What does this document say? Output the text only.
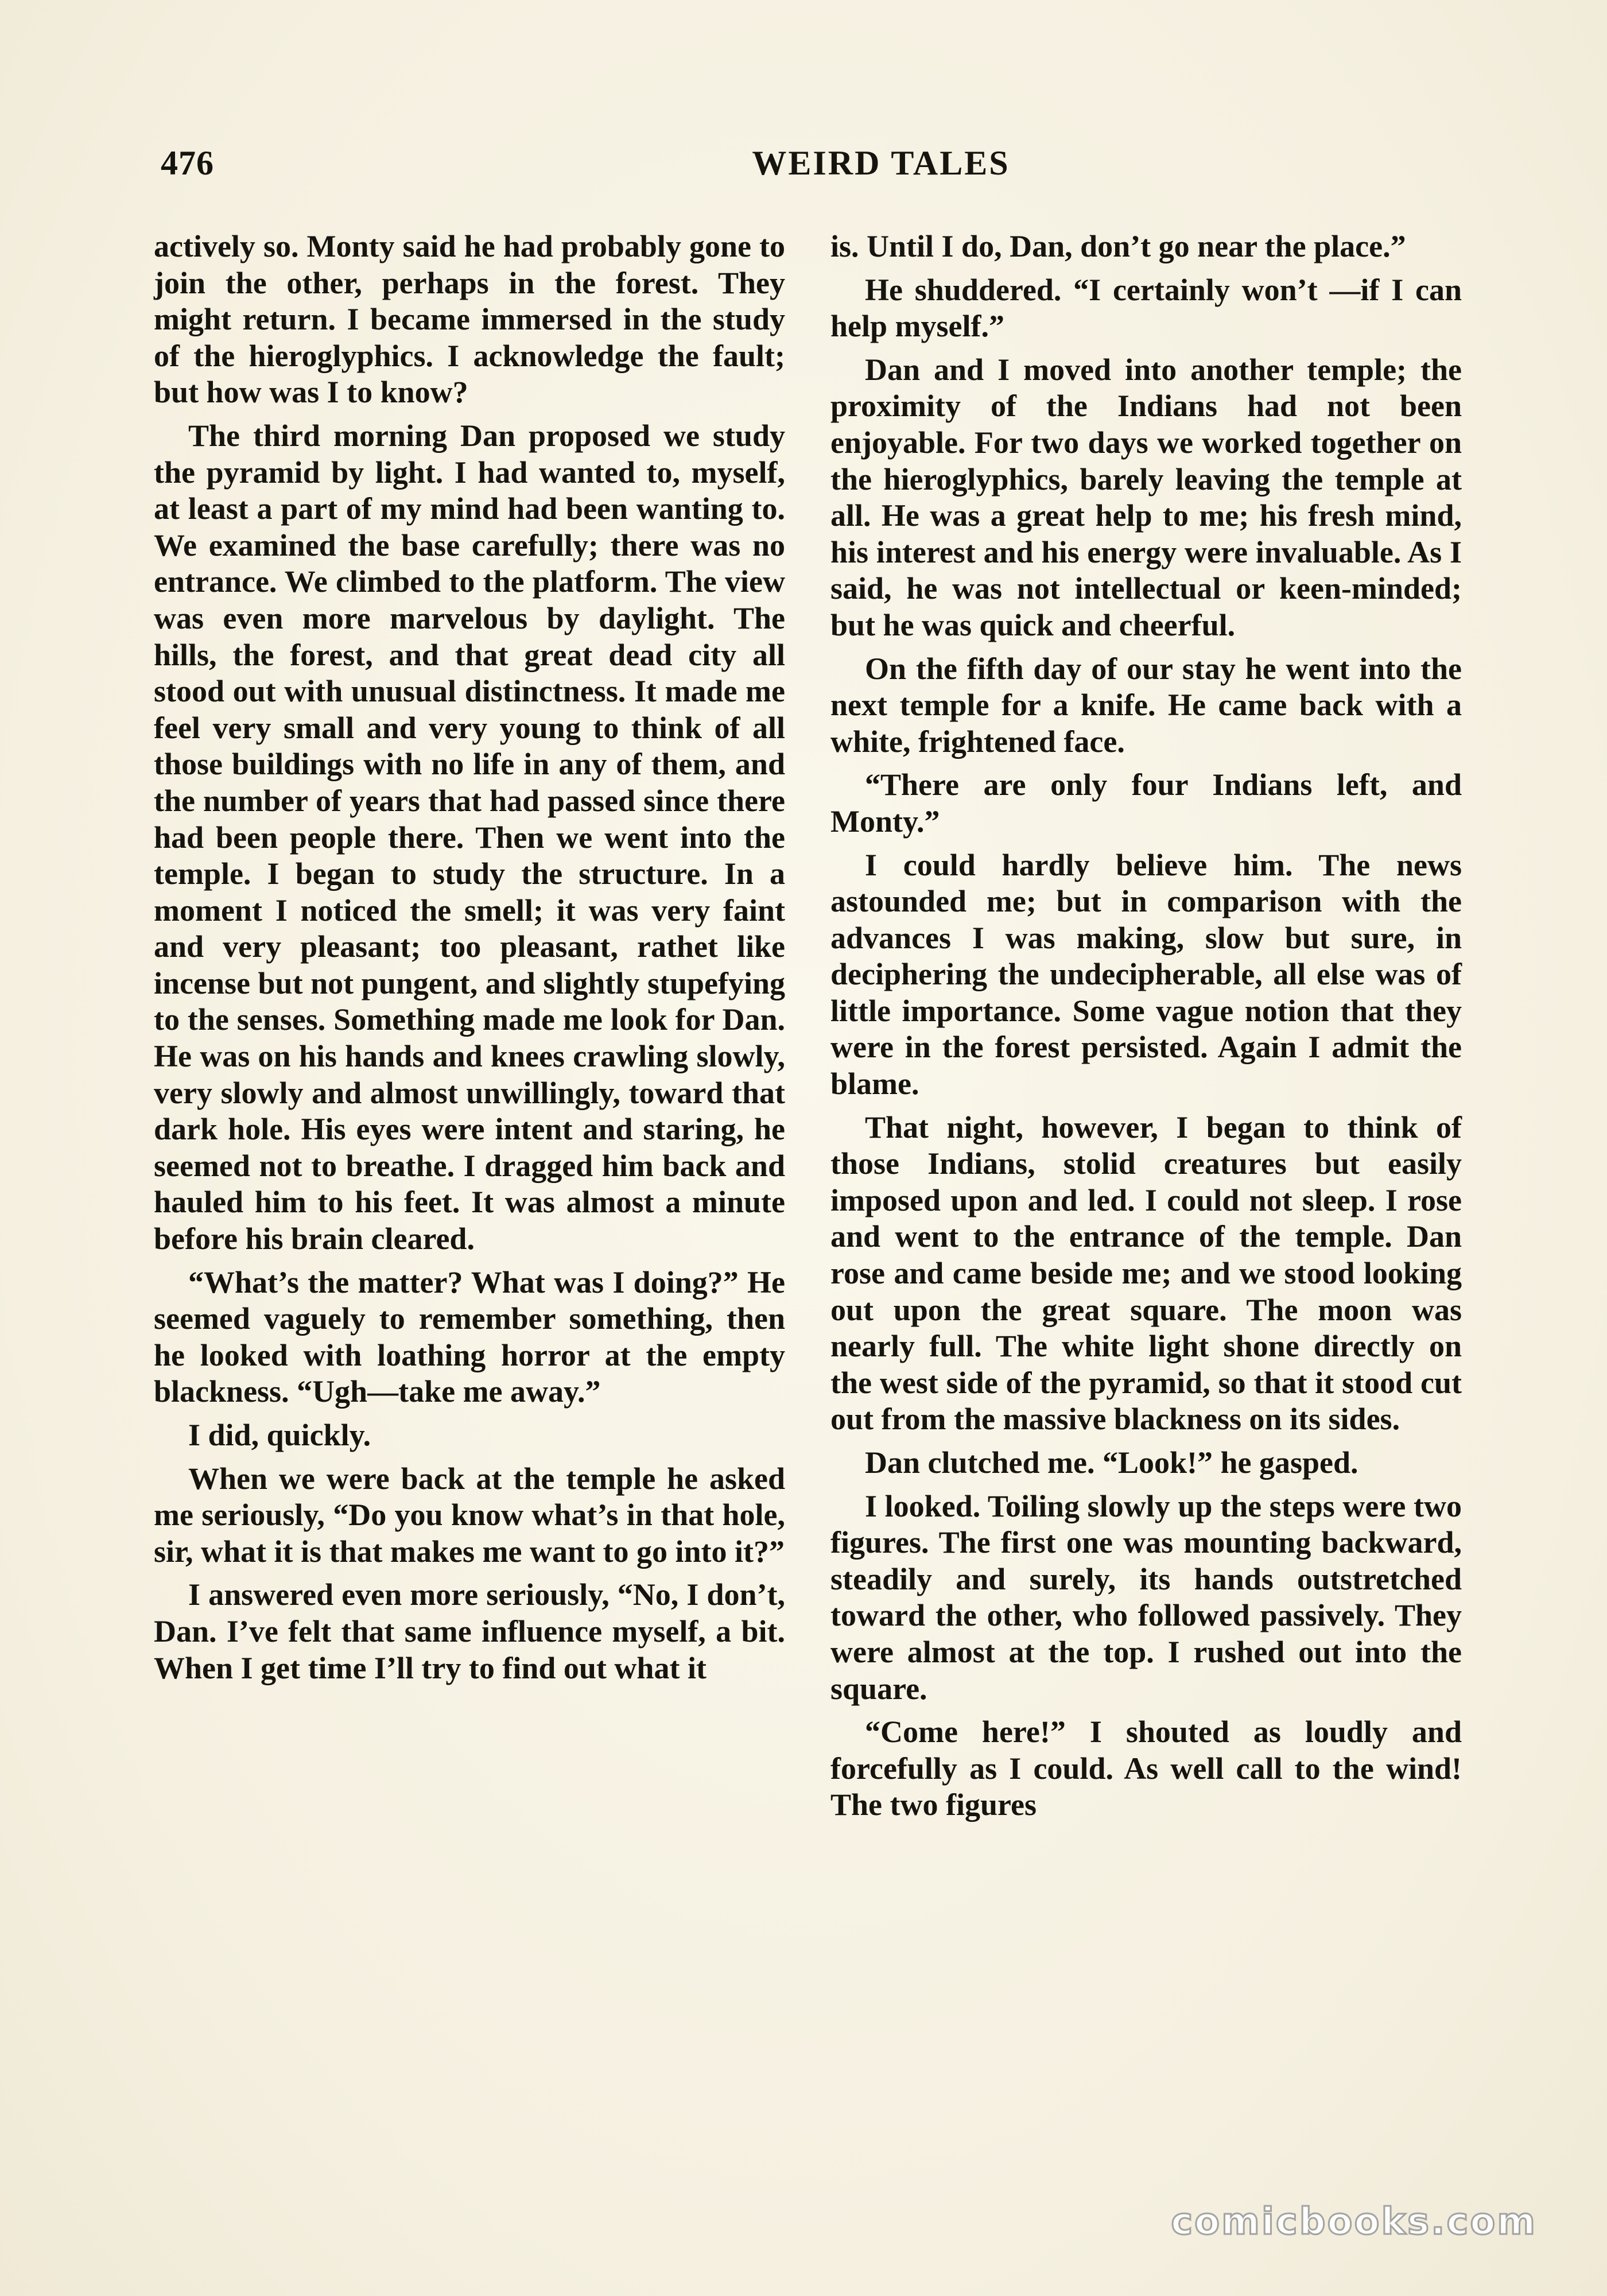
476	WEIRD TALES

actively so. Monty said he had probably gone to join the other, perhaps in the forest. They might return. I became immersed in the study of the hieroglyphics. I acknowledge the fault; but how was I to know?

The third morning Dan proposed we study the pyramid by light. I had wanted to, myself, at least a part of my mind had been wanting to. We examined the base carefully; there was no entrance. We climbed to the platform. The view was even more marvelous by daylight. The hills, the forest, and that great dead city all stood out with unusual distinctness. It made me feel very small and very young to think of all those buildings with no life in any of them, and the number of years that had passed since there had been people there. Then we went into the temple. I began to study the structure. In a moment I noticed the smell; it was very faint and very pleasant; too pleasant, rathet like incense but not pungent, and slightly stupefying to the senses. Something made me look for Dan. He was on his hands and knees crawling slowly, very slowly and almost unwillingly, toward that dark hole. His eyes were intent and staring, he seemed not to breathe. I dragged him back and hauled him to his feet. It was almost a minute before his brain cleared.

“What’s the matter? What was I doing?” He seemed vaguely to remember something, then he looked with loathing horror at the empty blackness. “Ugh—take me away.”

I did, quickly.

When we were back at the temple he asked me seriously, “Do you know what’s in that hole, sir, what it is that makes me want to go into it?”

I answered even more seriously, “No, I don’t, Dan. I’ve felt that same influence myself, a bit. When I get time I’ll try to find out what it

is. Until I do, Dan, don’t go near the place.”

He shuddered. “I certainly won’t —if I can help myself.”

Dan and I moved into another temple; the proximity of the Indians had not been enjoyable. For two days we worked together on the hieroglyphics, barely leaving the temple at all. He was a great help to me; his fresh mind, his interest and his energy were invaluable. As I said, he was not intellectual or keen-minded; but he was quick and cheerful.

On the fifth day of our stay he went into the next temple for a knife. He came back with a white, frightened face.

“There are only four Indians left, and Monty.”

I could hardly believe him. The news astounded me; but in comparison with the advances I was making, slow but sure, in deciphering the undecipherable, all else was of little importance. Some vague notion that they were in the forest persisted. Again I admit the blame.

That night, however, I began to think of those Indians, stolid creatures but easily imposed upon and led. I could not sleep. I rose and went to the entrance of the temple. Dan rose and came beside me; and we stood looking out upon the great square. The moon was nearly full. The white light shone directly on the west side of the pyramid, so that it stood cut out from the massive blackness on its sides.

Dan clutched me. “Look!” he gasped.

I looked. Toiling slowly up the steps were two figures. The first one was mounting backward, steadily and surely, its hands outstretched toward the other, who followed passively. They were almost at the top. I rushed out into the square.

“Come here!” I shouted as loudly and forcefully as I could. As well call to the wind! The two figures

comicbooks.com
